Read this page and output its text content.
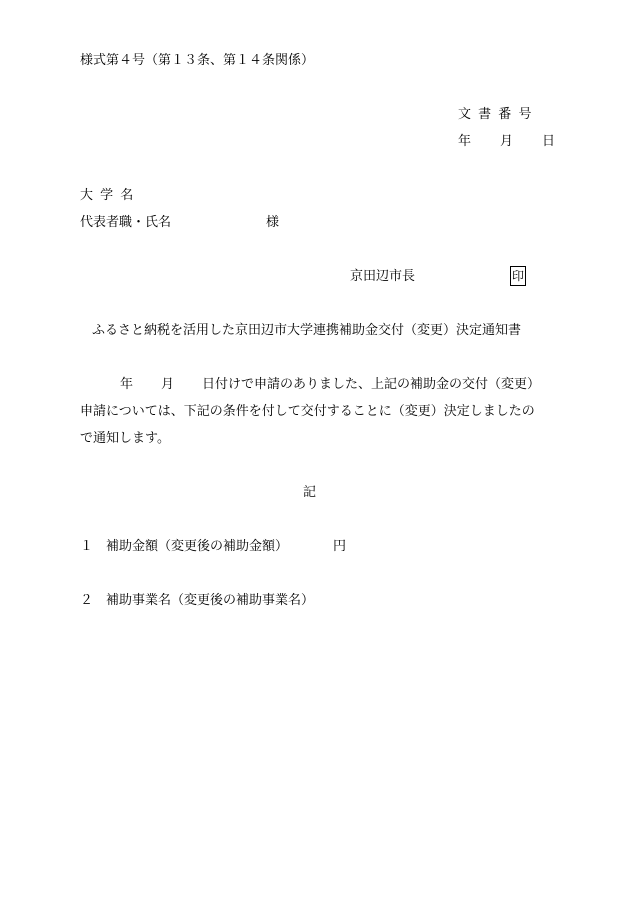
様式第４号（第１３条、第１４条関係）

文書番号

年 月 日

大学名

代表者職・氏名	様

京田辺市長	印

ふるさと納税を活用した京田辺市大学連携補助金交付（変更）決定通知書

年 月 日付けで申請のありました、上記の補助金の交付（変更）

申請については、下記の条件を付して交付することに（変更）決定しましたの

で通知します。

記

１ 補助金額（変更後の補助金額）	円

２ 補助事業名（変更後の補助事業名）
